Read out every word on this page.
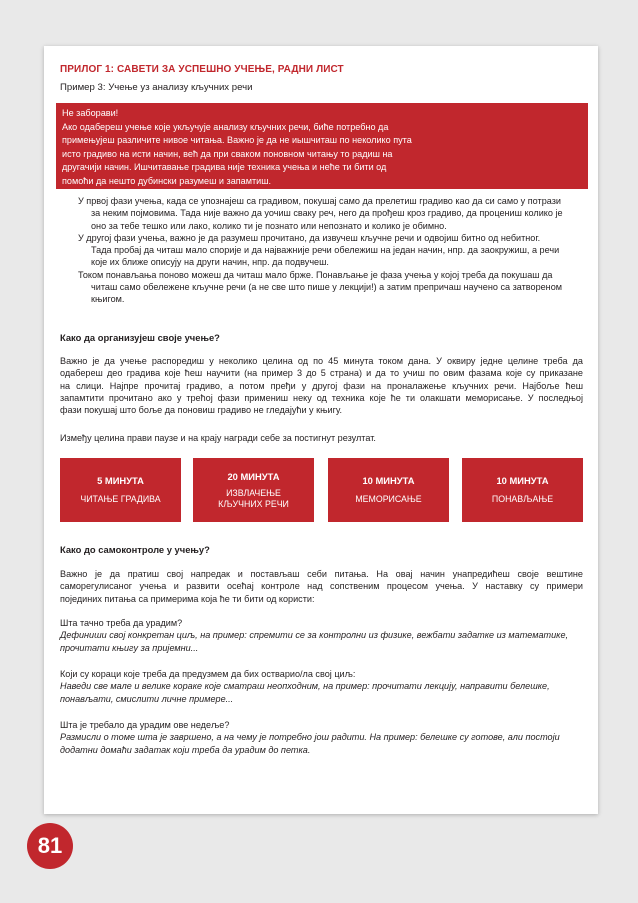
ПРИЛОГ 1: САВЕТИ ЗА УСПЕШНО УЧЕЊЕ, РАДНИ ЛИСТ
Пример 3: Учење уз анализу кључних речи
Не заборави!
Ако одабереш учење које укључује анализу кључних речи, биће потребно да
примењујеш различите нивое читања. Важно је да не иышчиташ по неколико пута
исто градиво на исти начин, већ да при сваком поновном читању то радиш на
другачији начин. Ишчитавање градива није техника учења и неће ти бити од
помоћи да нешто дубински разумеш и запамтиш.
У првој фази учења, када се упознајеш са градивом, покушај само да прелетиш градиво као да си само у потрази
за неким појмовима. Тада није важно да уочиш сваку реч, него да прођеш кроз градиво, да процениш колико је
оно за тебе тешко или лако, колико ти је познато или непознато и колико је обимно.
У другој фази учења, важно је да разумеш прочитано, да извучеш кључне речи и одвојиш битно од небитног.
Тада пробај да читаш мало спорије и да најважније речи обележиш на један начин, нпр. да заокружиш, а речи
које их ближе описују на други начин, нпр. да подвучеш.
Током понављања поново можеш да читаш мало брже. Понављање је фаза учења у којој треба да покушаш да
читаш само обележене кључне речи (а не све што пише у лекцији!) а затим препричаш научено са затвореном
књигом.
Како да организујеш своје учење?
Важно је да учење распоредиш у неколико целина од по 45 минута током дана. У оквиру једне целине треба да
одабереш део градива које ћеш научити (на пример 3 до 5 страна) и да то учиш по овим фазама које су приказане
на слици. Најпре прочитај градиво, а потом пређи у другој фази на проналажење кључних речи. Најбоље ћеш
запамтити прочитано ако у трећој фази примениш неку од техника које ће ти олакшати меморисање. У последњој
фази покушај што боље да поновиш градиво не гледајући у књигу.
Између целина прави паузе и на крају награди себе за постигнут резултат.
5 МИНУТА
ЧИТАЊЕ ГРАДИВА
20 МИНУТА
ИЗВЛАЧЕЊЕ
КЉУЧНИХ РЕЧИ
10 МИНУТА
МЕМОРИСАЊЕ
10 МИНУТА
ПОНАВЉАЊЕ
Како до самоконтроле у учењу?
Важно је да пратиш свој напредак и постављаш себи питања. На овај начин унапредићеш своје вештине
саморегулисаног учења и развити осећај контроле над сопственим процесом учења. У наставку су примери
појединих питања са примерима која ће ти бити од користи:
Шта тачно треба да урадим?
Дефиниши свој конкретан циљ, на пример: спремити се за контролни из физике, вежбати задатке из математике,
прочитати књигу за пријемни...
Који су кораци које треба да предузмем да бих остварио/ла свој циљ:
Наведи све мале и велике кораке које сматраш неопходним, на пример: прочитати лекцију, направити белешке,
понављати, смислити личне примере...
Шта је требало да урадим ове недеље?
Размисли о томе шта је завршено, а на чему је потребно још радити. На пример: белешке су готове, али постоји
додатни домаћи задатак који треба да урадим до петка.
81
